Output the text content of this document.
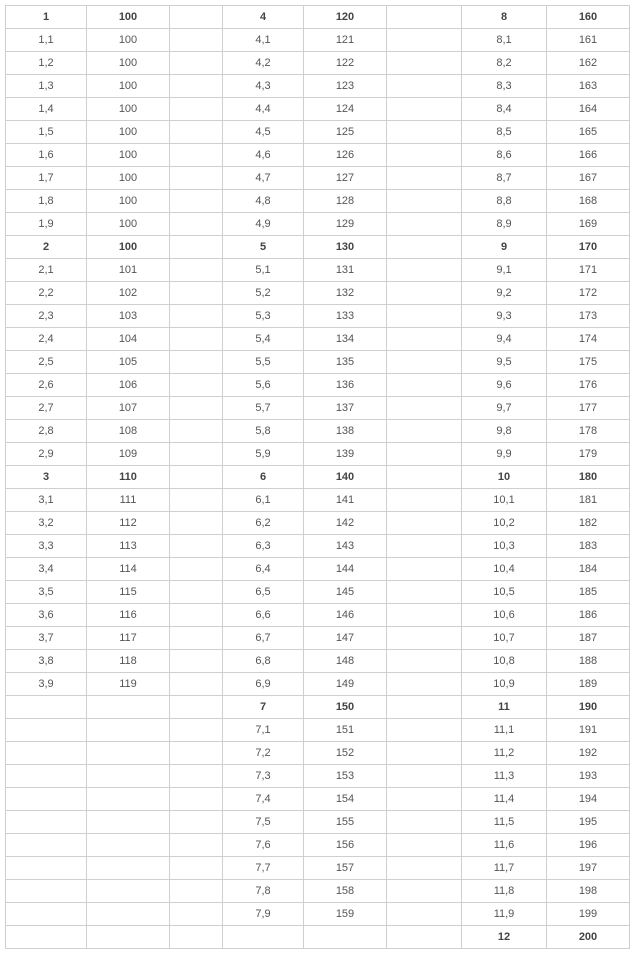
1	100		4	120		8	160
1,1	100		4,1	121		8,1	161
1,2	100		4,2	122		8,2	162
1,3	100		4,3	123		8,3	163
1,4	100		4,4	124		8,4	164
1,5	100		4,5	125		8,5	165
1,6	100		4,6	126		8,6	166
1,7	100		4,7	127		8,7	167
1,8	100		4,8	128		8,8	168
1,9	100		4,9	129		8,9	169
2	100		5	130		9	170
2,1	101		5,1	131		9,1	171
2,2	102		5,2	132		9,2	172
2,3	103		5,3	133		9,3	173
2,4	104		5,4	134		9,4	174
2,5	105		5,5	135		9,5	175
2,6	106		5,6	136		9,6	176
2,7	107		5,7	137		9,7	177
2,8	108		5,8	138		9,8	178
2,9	109		5,9	139		9,9	179
3	110		6	140		10	180
3,1	111		6,1	141		10,1	181
3,2	112		6,2	142		10,2	182
3,3	113		6,3	143		10,3	183
3,4	114		6,4	144		10,4	184
3,5	115		6,5	145		10,5	185
3,6	116		6,6	146		10,6	186
3,7	117		6,7	147		10,7	187
3,8	118		6,8	148		10,8	188
3,9	119		6,9	149		10,9	189
			7	150		11	190
			7,1	151		11,1	191
			7,2	152		11,2	192
			7,3	153		11,3	193
			7,4	154		11,4	194
			7,5	155		11,5	195
			7,6	156		11,6	196
			7,7	157		11,7	197
			7,8	158		11,8	198
			7,9	159		11,9	199
						12	200
